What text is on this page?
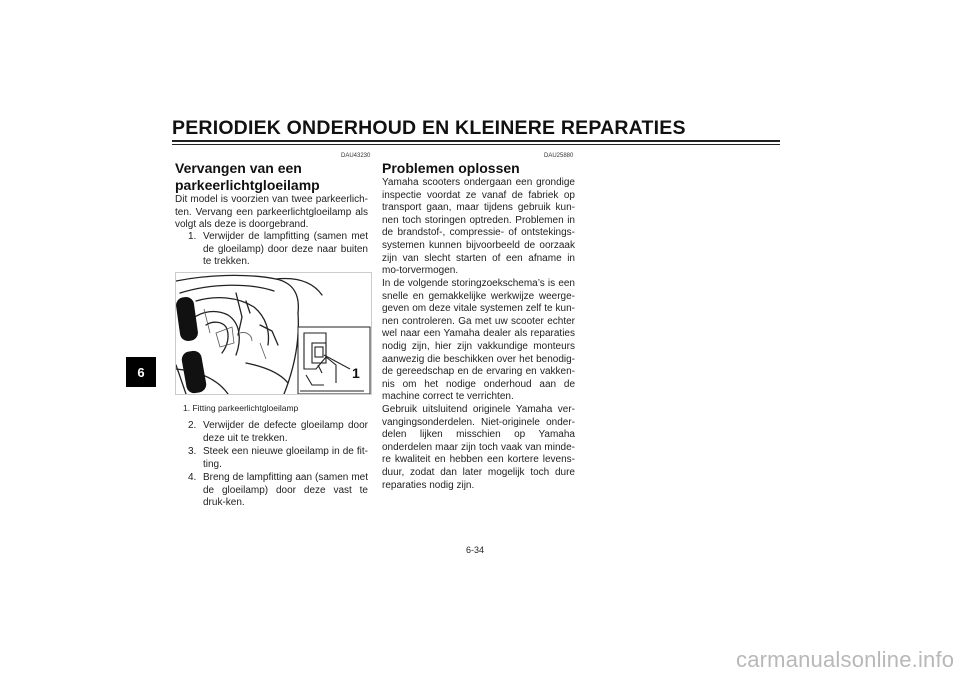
PERIODIEK ONDERHOUD EN KLEINERE REPARATIES
6
DAU43230
Vervangen van een
parkeerlichtgloeilamp

Dit model is voorzien van twee parkeerlich-ten. Vervang een parkeerlichtgloeilamp als volgt als deze is doorgebrand.

1. Verwijder de lampfitting (samen met de gloeilamp) door deze naar buiten te trekken.
1
1. Fitting parkeerlichtgloeilamp
2. Verwijder de defecte gloeilamp door deze uit te trekken.
3. Steek een nieuwe gloeilamp in de fit-ting.
4. Breng de lampfitting aan (samen met de gloeilamp) door deze vast te druk-ken.
DAU25880
Problemen oplossen

Yamaha scooters ondergaan een grondige inspectie voordat ze vanaf de fabriek op transport gaan, maar tijdens gebruik kun-nen toch storingen optreden. Problemen in de brandstof-, compressie- of ontstekings-systemen kunnen bijvoorbeeld de oorzaak zijn van slecht starten of een afname in mo-torvermogen.

In de volgende storingzoekschema’s is een snelle en gemakkelijke werkwijze weerge-geven om deze vitale systemen zelf te kun-nen controleren. Ga met uw scooter echter wel naar een Yamaha dealer als reparaties nodig zijn, hier zijn vakkundige monteurs aanwezig die beschikken over het benodig-de gereedschap en de ervaring en vakken-nis om het nodige onderhoud aan de machine correct te verrichten.

Gebruik uitsluitend originele Yamaha ver-vangingsonderdelen. Niet-originele onder-delen lijken misschien op Yamaha onderdelen maar zijn toch vaak van minde-re kwaliteit en hebben een kortere levens-duur, zodat dan later mogelijk toch dure reparaties nodig zijn.

6-34
carmanualsonline.info
